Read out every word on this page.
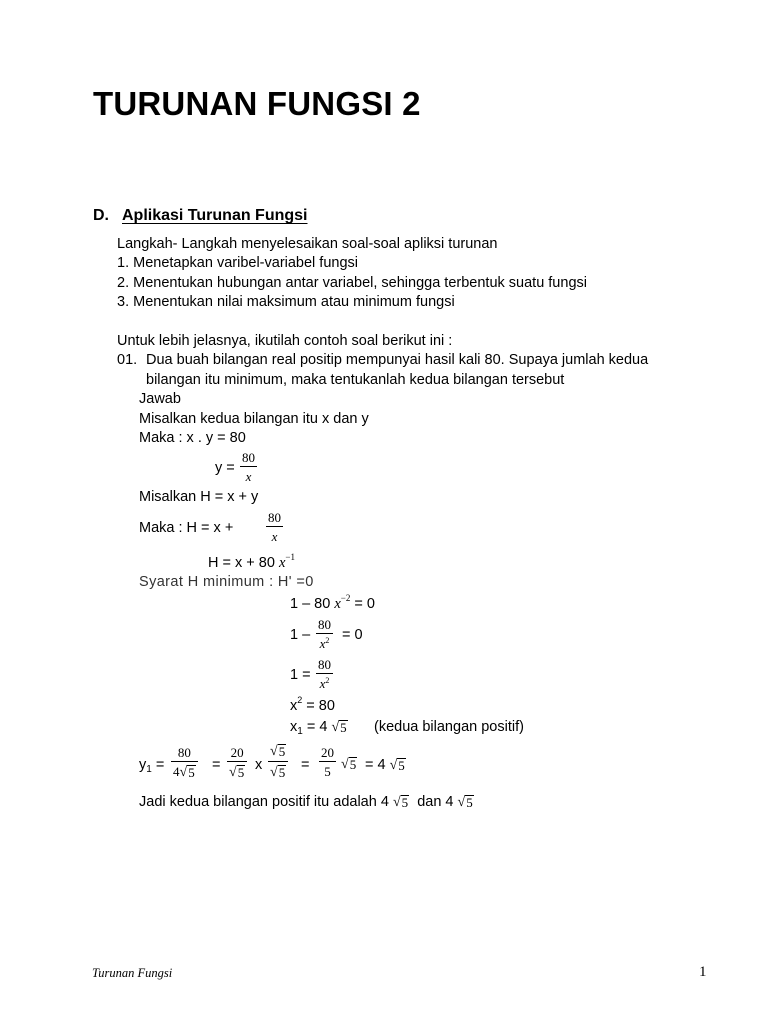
TURUNAN FUNGSI 2
D. Aplikasi Turunan Fungsi
Langkah- Langkah menyelesaikan soal-soal apliksi turunan
1. Menetapkan varibel-variabel fungsi
2. Menentukan hubungan antar variabel, sehingga terbentuk suatu fungsi
3. Menentukan nilai maksimum atau minimum fungsi
Untuk lebih jelasnya, ikutilah contoh soal berikut ini :
01. Dua buah bilangan real positip mempunyai hasil kali 80. Supaya jumlah kedua
bilangan itu minimum, maka tentukanlah kedua bilangan tersebut
Jawab
Misalkan kedua bilangan itu x dan y
Maka : x . y = 80
y =
80
x
Misalkan H = x + y
Maka : H = x +
80
x
H = x + 80 $x^{-1}$
Syarat H minimum : H' =0
1 – 80 $x^{-2} = 0$
1 –
80
$x^2 = 0$
1 =
80
$x^2$
$x^2 = 80$
$x_1 = 4$ √ 5 (kedua bilangan positif)
$y_1$ =
80
4 √ 5 =
20
√ 5 x
√ 5
√ 5 =
20
5 √ 5 = 4 √ 5
Jadi kedua bilangan positif itu adalah 4 √ 5 dan 4 √ 5
Turunan Fungsi	1
